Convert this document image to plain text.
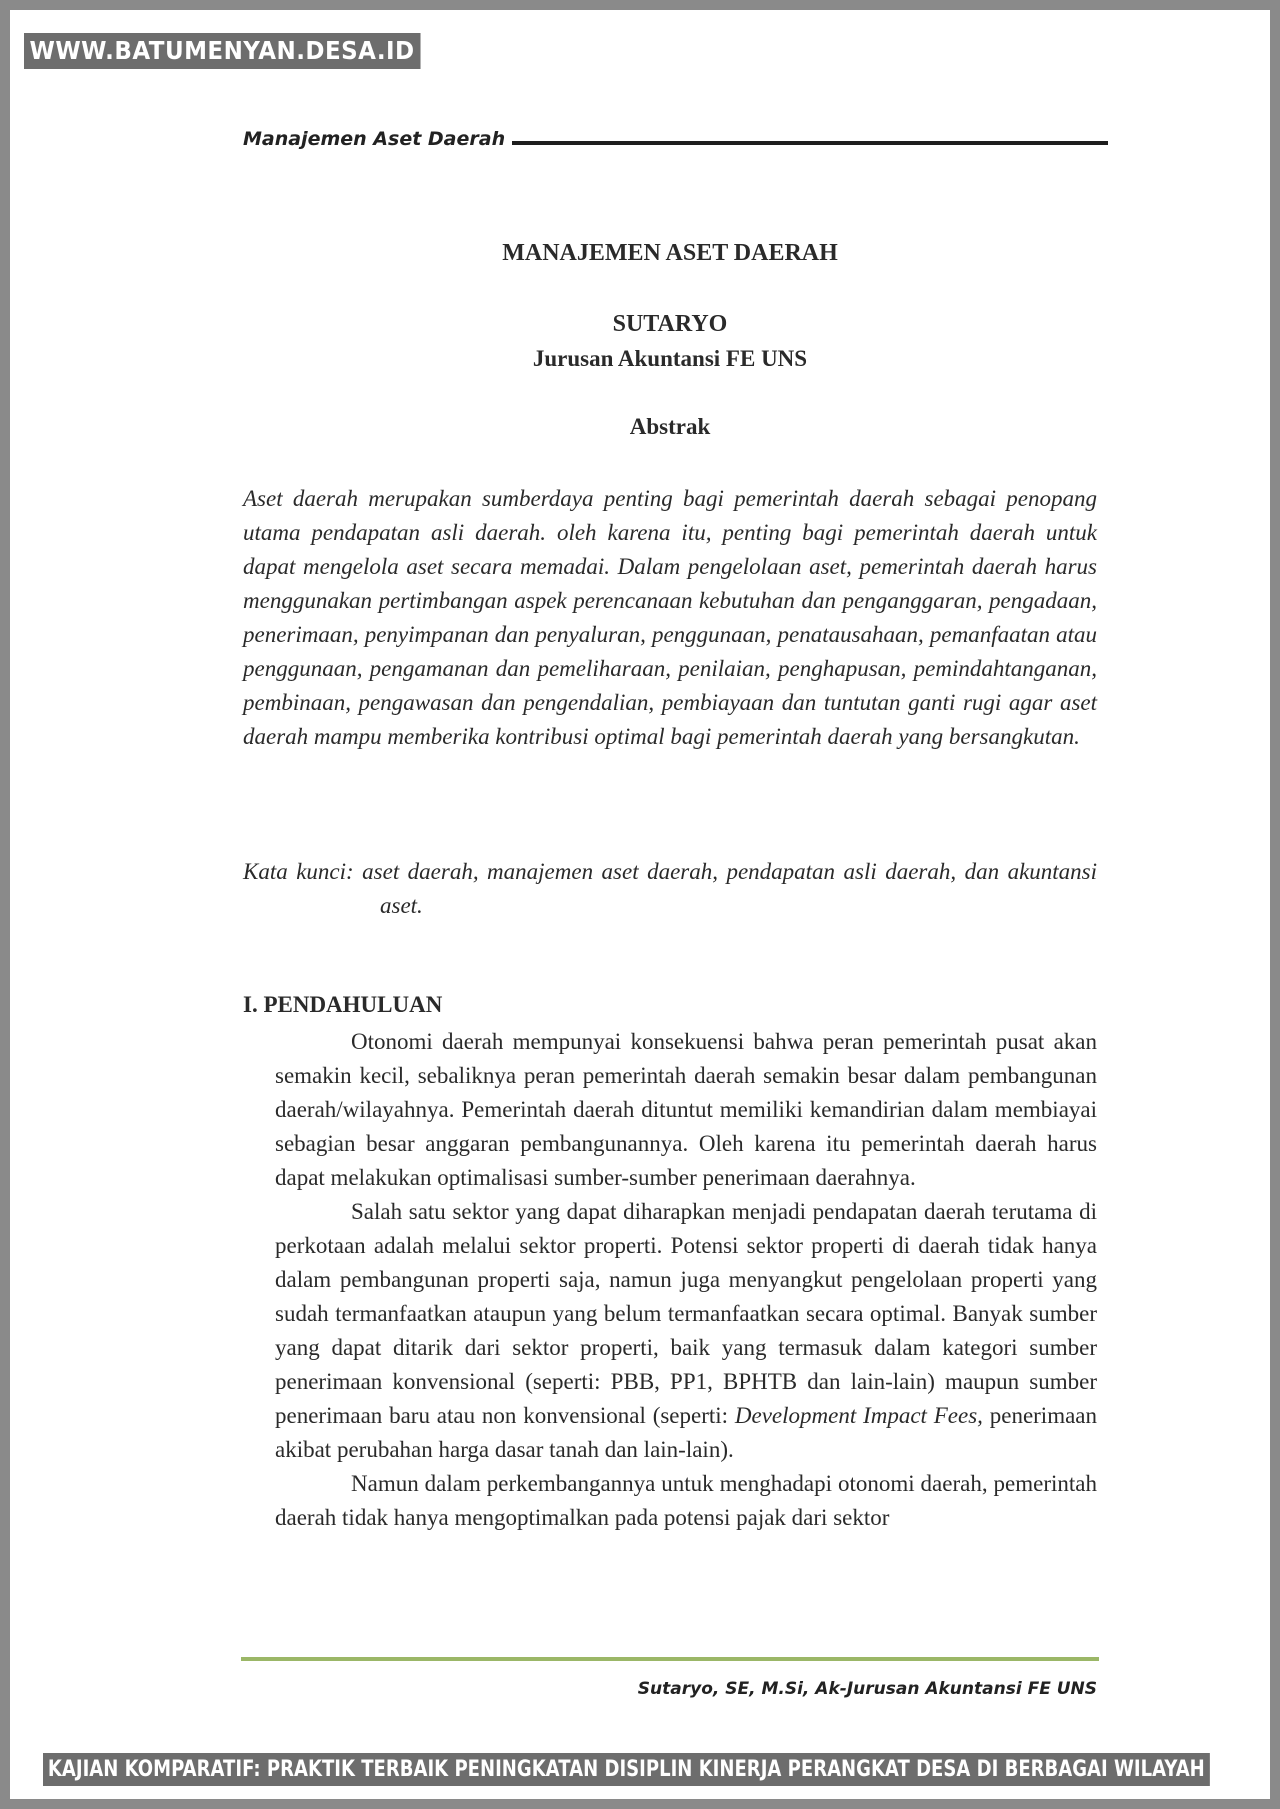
WWW.BATUMENYAN.DESA.ID
Manajemen Aset Daerah
MANAJEMEN ASET DAERAH
SUTARYO
Jurusan Akuntansi FE UNS
Abstrak

Aset daerah merupakan sumberdaya penting bagi pemerintah daerah sebagai penopang utama pendapatan asli daerah. oleh karena itu, penting bagi pemerintah daerah untuk dapat mengelola aset secara memadai. Dalam pengelolaan aset, pemerintah daerah harus menggunakan pertimbangan aspek perencanaan kebutuhan dan penganggaran, pengadaan, penerimaan, penyimpanan dan penyaluran, penggunaan, penatausahaan, pemanfaatan atau penggunaan, pengamanan dan pemeliharaan, penilaian, penghapusan, pemindahtanganan, pembinaan, pengawasan dan pengendalian, pembiayaan dan tuntutan ganti rugi agar aset daerah mampu memberika kontribusi optimal bagi pemerintah daerah yang bersangkutan.

Kata kunci: aset daerah, manajemen aset daerah, pendapatan asli daerah, dan akuntansi aset.
I. PENDAHULUAN

Otonomi daerah mempunyai konsekuensi bahwa peran pemerintah pusat akan semakin kecil, sebaliknya peran pemerintah daerah semakin besar dalam pembangunan daerah/wilayahnya. Pemerintah daerah dituntut memiliki kemandirian dalam membiayai sebagian besar anggaran pembangunannya. Oleh karena itu pemerintah daerah harus dapat melakukan optimalisasi sumber-sumber penerimaan daerahnya.

Salah satu sektor yang dapat diharapkan menjadi pendapatan daerah terutama di perkotaan adalah melalui sektor properti. Potensi sektor properti di daerah tidak hanya dalam pembangunan properti saja, namun juga menyangkut pengelolaan properti yang sudah termanfaatkan ataupun yang belum termanfaatkan secara optimal. Banyak sumber yang dapat ditarik dari sektor properti, baik yang termasuk dalam kategori sumber penerimaan konvensional (seperti: PBB, PP1, BPHTB dan lain-lain) maupun sumber penerimaan baru atau non konvensional (seperti: Development Impact Fees, penerimaan akibat perubahan harga dasar tanah dan lain-lain).

Namun dalam perkembangannya untuk menghadapi otonomi daerah, pemerintah daerah tidak hanya mengoptimalkan pada potensi pajak dari sektor

Sutaryo, SE, M.Si, Ak-Jurusan Akuntansi FE UNS
KAJIAN KOMPARATIF: PRAKTIK TERBAIK PENINGKATAN DISIPLIN KINERJA PERANGKAT DESA DI BERBAGAI WILAYAH
